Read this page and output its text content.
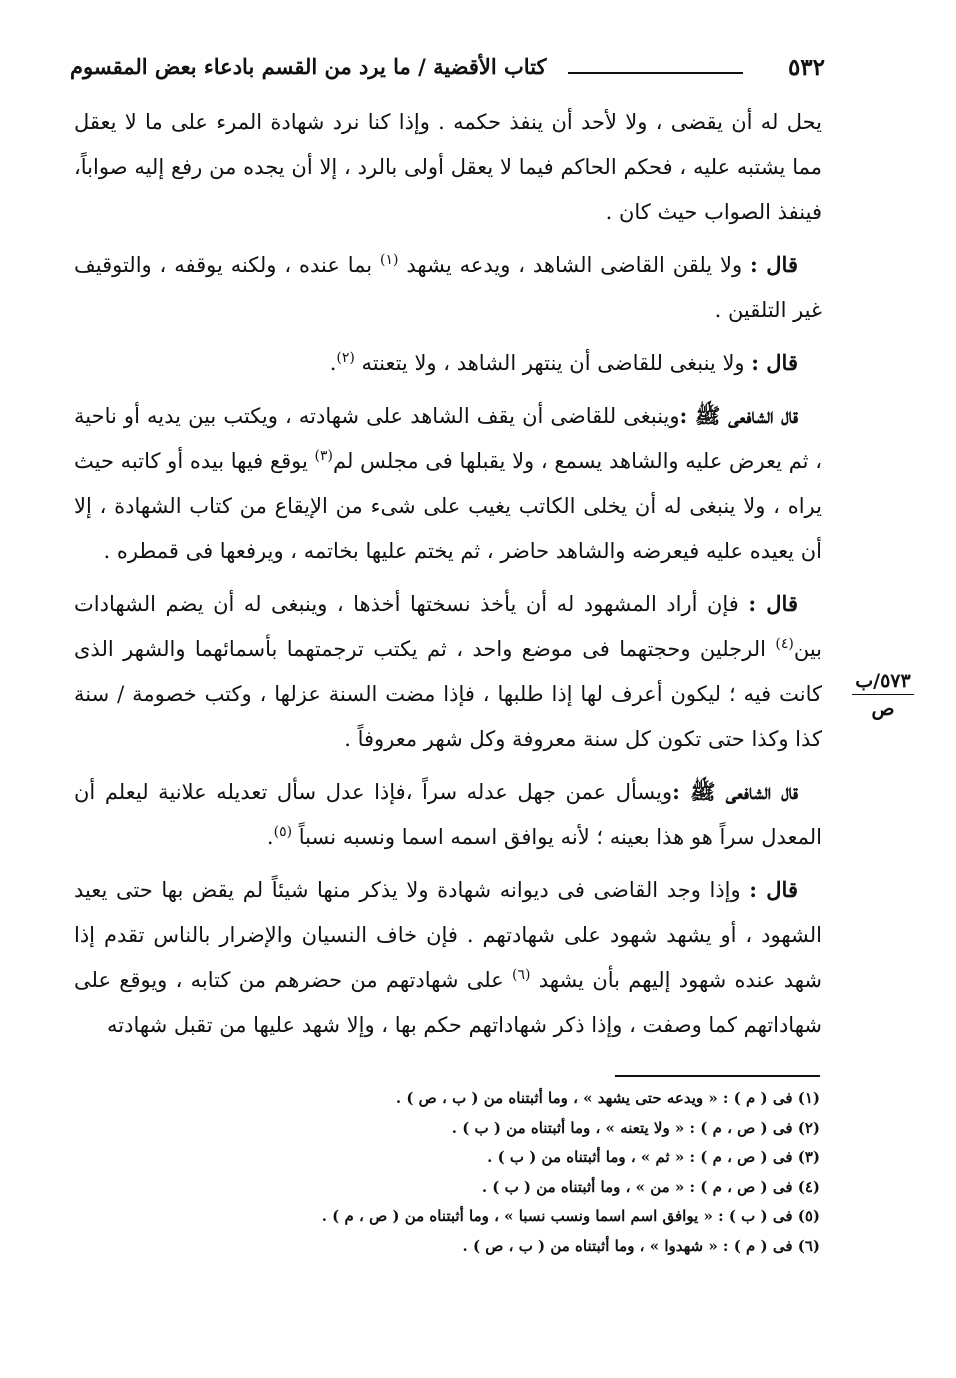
٥٣٢
كتاب الأقضية / ما يرد من القسم بادعاء بعض المقسوم
٥٧٣/ب
ص

يحل له أن يقضى ، ولا لأحد أن ينفذ حكمه . وإذا كنا نرد شهادة المرء على ما لا يعقل مما يشتبه عليه ، فحكم الحاكم فيما لا يعقل أولى بالرد ، إلا أن يجده من رفع إليه صواباً، فينفذ الصواب حيث كان .

قال : ولا يلقن القاضى الشاهد ، ويدعه يشهد $^{(١)}$ بما عنده ، ولكنه يوقفه ، والتوقيف غير التلقين .

قال : ولا ينبغى للقاضى أن ينتهر الشاهد ، ولا يتعنته $^{(٢)}$.

قال الشافعى ﷺ :وينبغى للقاضى أن يقف الشاهد على شهادته ، ويكتب بين يديه أو ناحية ، ثم يعرض عليه والشاهد يسمع ، ولا يقبلها فى مجلس لم$^{(٣)}$ يوقع فيها بيده أو كاتبه حيث يراه ، ولا ينبغى له أن يخلى الكاتب يغيب على شىء من الإيقاع من كتاب الشهادة ، إلا أن يعيده عليه فيعرضه والشاهد حاضر ، ثم يختم عليها بخاتمه ، ويرفعها فى قمطره .

قال : فإن أراد المشهود له أن يأخذ نسختها أخذها ، وينبغى له أن يضم الشهادات بين$^{(٤)}$ الرجلين وحجتهما فى موضع واحد ، ثم يكتب ترجمتهما بأسمائهما والشهر الذى كانت فيه ؛ ليكون أعرف لها إذا طلبها ، فإذا مضت السنة عزلها ، وكتب خصومة / سنة كذا وكذا حتى تكون كل سنة معروفة وكل شهر معروفاً .

قال الشافعى ﷺ :ويسأل عمن جهل عدله سراً ،فإذا عدل سأل تعديله علانية ليعلم أن المعدل سراً هو هذا بعينه ؛ لأنه يوافق اسمه اسما ونسبه نسباً $^{(٥)}$.

قال : وإذا وجد القاضى فى ديوانه شهادة ولا يذكر منها شيئاً لم يقض بها حتى يعيد الشهود ، أو يشهد شهود على شهادتهم . فإن خاف النسيان والإضرار بالناس تقدم إذا شهد عنده شهود إليهم بأن يشهد $^{(٦)}$ على شهادتهم من حضرهم من كتابه ، ويوقع على شهاداتهم كما وصفت ، وإذا ذكر شهاداتهم حكم بها ، وإلا شهد عليها من تقبل شهادته

(١) فى ( م ) : « ويدعه حتى يشهد » ، وما أثبتناه من ( ب ، ص ) .
(٢) فى ( ص ، م ) : « ولا يتعنه » ، وما أثبتناه من ( ب ) .
(٣) فى ( ص ، م ) : « ثم » ، وما أثبتناه من ( ب ) .
(٤) فى ( ص ، م ) : « من » ، وما أثبتناه من ( ب ) .
(٥) فى ( ب ) : « يوافق اسم اسما ونسب نسبا » ، وما أثبتناه من ( ص ، م ) .
(٦) فى ( م ) : « شهدوا » ، وما أثبتناه من ( ب ، ص ) .
